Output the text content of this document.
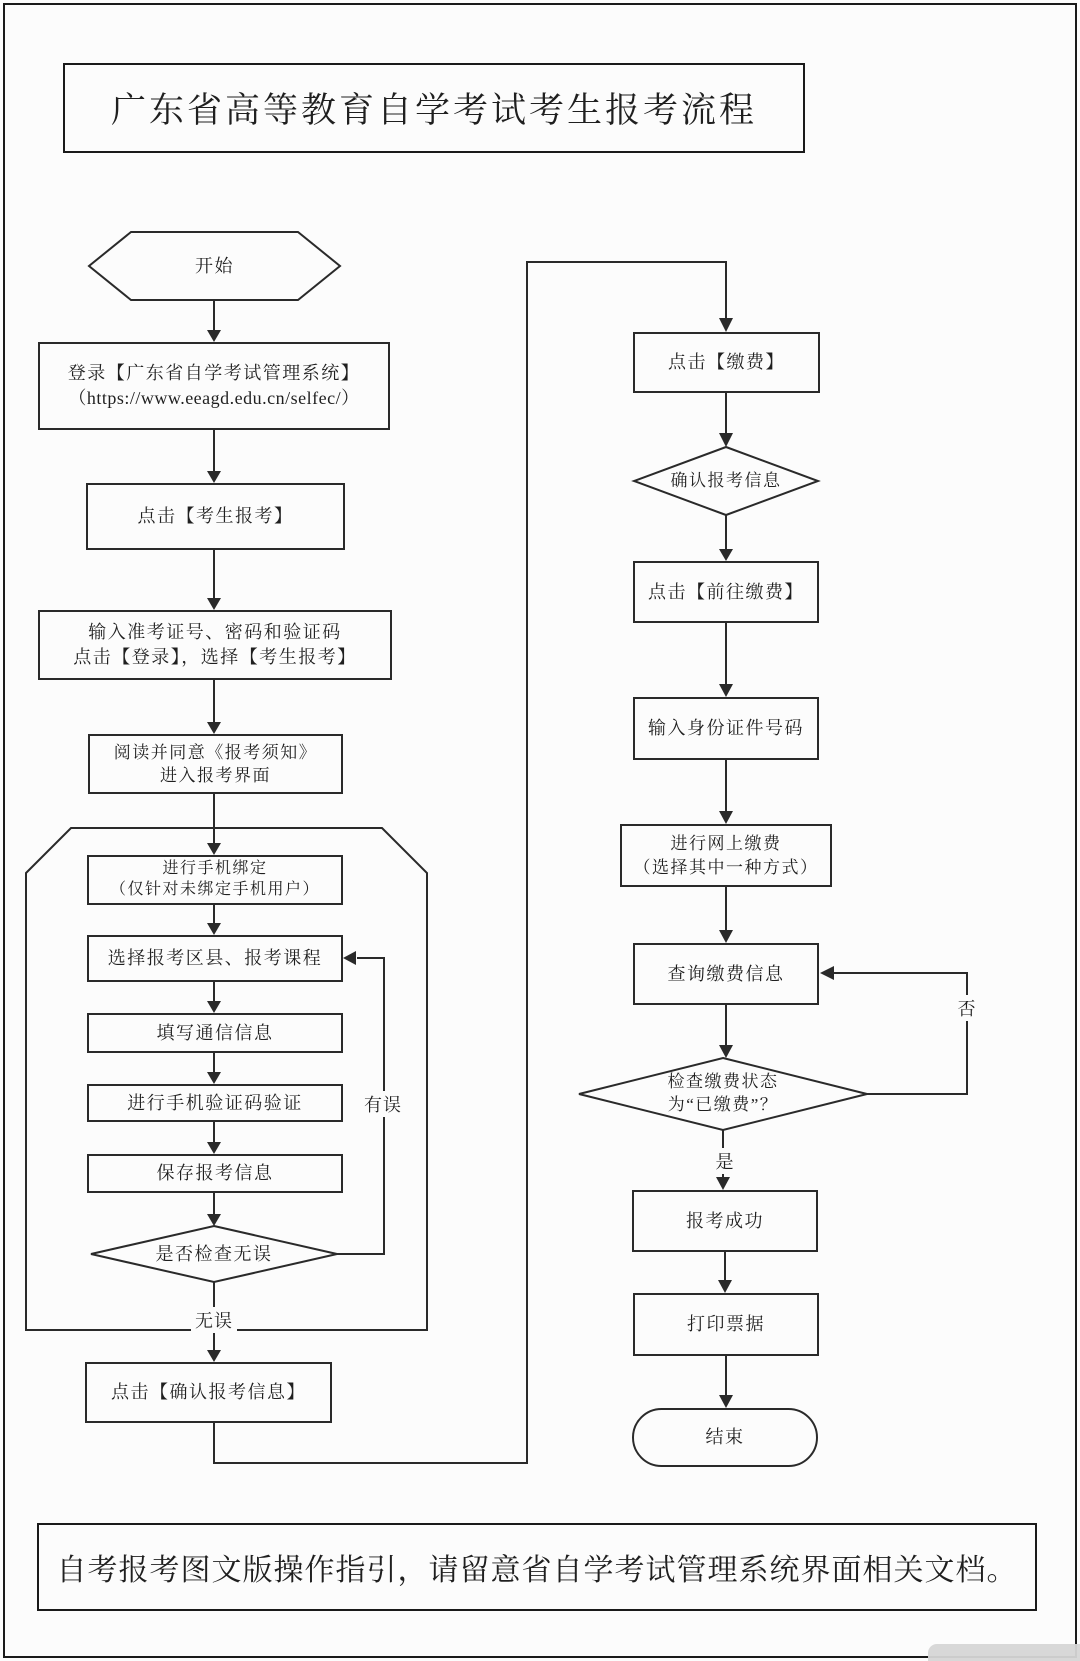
广东省高等教育自学考试考生报考流程
开始
登录【广东省自学考试管理系统】
（https://www.eeagd.edu.cn/selfec/）
点击【考生报考】
输入准考证号、密码和验证码
点击【登录】，选择【考生报考】
阅读并同意《报考须知》
进入报考界面
进行手机绑定
（仅针对未绑定手机用户）
选择报考区县、报考课程
填写通信信息
进行手机验证码验证
保存报考信息
是否检查无误
点击【确认报考信息】
点击【缴费】
确认报考信息
点击【前往缴费】
输入身份证件号码
进行网上缴费
（选择其中一种方式）
查询缴费信息
检查缴费状态
为“已缴费”？
报考成功
打印票据
结束
无误
有误
是
否
自考报考图文版操作指引，请留意省自学考试管理系统界面相关文档。
